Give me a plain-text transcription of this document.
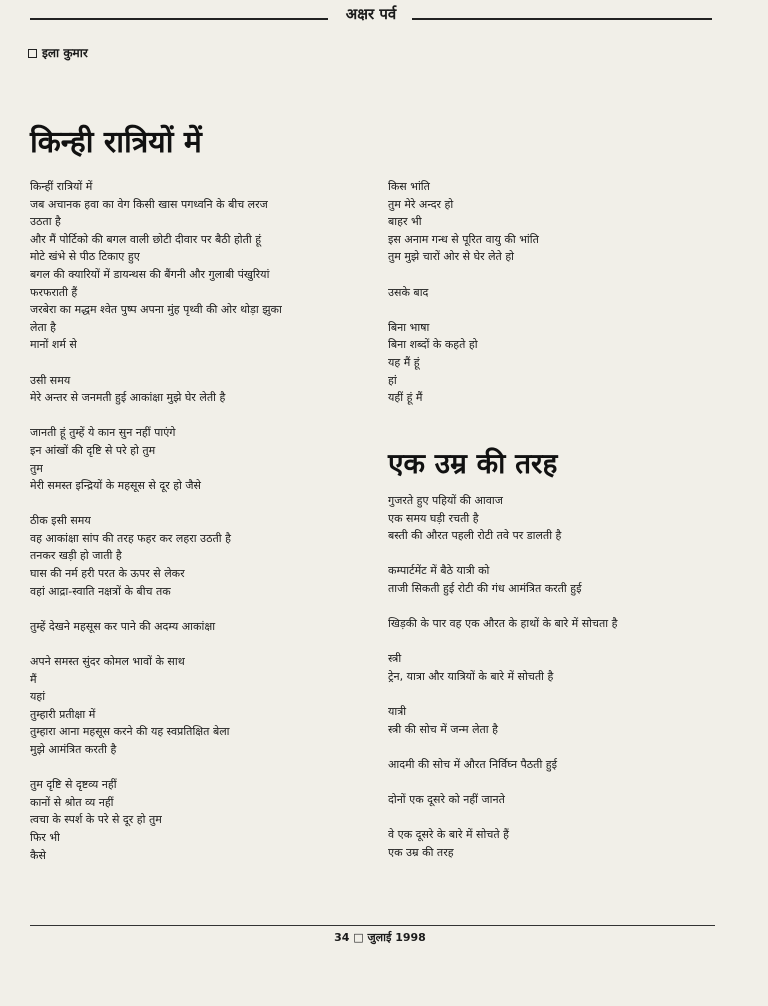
अक्षर पर्व
इला कुमार
किन्ही रात्रियों में
किन्हीं रात्रियों में
जब अचानक हवा का वेग किसी खास पगध्वनि के बीच लरज
उठता है
और मैं पोर्टिको की बगल वाली छोटी दीवार पर बैठी होती हूं
मोटे खंभे से पीठ टिकाए हुए
बगल की क्यारियों में डायन्थस की बैंगनी और गुलाबी पंखुरियां
फरफराती हैं
जरबेरा का मद्धम श्वेत पुष्प अपना मुंह पृथ्वी की ओर थोड़ा झुका
लेता है
मानों शर्म से
उसी समय
मेरे अन्तर से जनमती हुई आकांक्षा मुझे घेर लेती है
जानती हूं तुम्हें ये कान सुन नहीं पाएंगे
इन आंखों की दृष्टि से परे हो तुम
तुम
मेरी समस्त इन्द्रियों के महसूस से दूर हो जैसे
ठीक इसी समय
वह आकांक्षा सांप की तरह फहर कर लहरा उठती है
तनकर खड़ी हो जाती है
घास की नर्म हरी परत के ऊपर से लेकर
वहां आद्रा-स्वाति नक्षत्रों के बीच तक
तुम्हें देखने महसूस कर पाने की अदम्य आकांक्षा
अपने समस्त सुंदर कोमल भावों के साथ
मैं
यहां
तुम्हारी प्रतीक्षा में
तुम्हारा आना महसूस करने की यह स्वप्रतिक्षित बेला
मुझे आमंत्रित करती है
तुम दृष्टि से दृष्टव्य नहीं
कानों से श्रोत व्य नहीं
त्वचा के स्पर्श के परे से दूर हो तुम
फिर भी
कैसे
किस भांति
तुम मेरे अन्दर हो
बाहर भी
इस अनाम गन्ध से पूरित वायु की भांति
तुम मुझे चारों ओर से घेर लेते हो
उसके बाद
बिना भाषा
बिना शब्दों के कहते हो
यह मैं हूं
हां
यहीं हूं मैं
एक उम्र की तरह
गुजरते हुए पहियों की आवाज
एक समय घड़ी रचती है
बस्ती की औरत पहली रोटी तवे पर डालती है
कम्पार्टमेंट में बैठे यात्री को
ताजी सिकती हुई रोटी की गंध आमंत्रित करती हुई
खिड़की के पार वह एक औरत के हाथों के बारे में सोचता है
स्त्री
ट्रेन, यात्रा और यात्रियों के बारे में सोचती है
यात्री
स्त्री की सोच में जन्म लेता है
आदमी की सोच में औरत निर्विघ्न पैठती हुई
दोनों एक दूसरे को नहीं जानते
वे एक दूसरे के बारे में सोचते हैं
एक उम्र की तरह
34 □ जुलाई 1998
